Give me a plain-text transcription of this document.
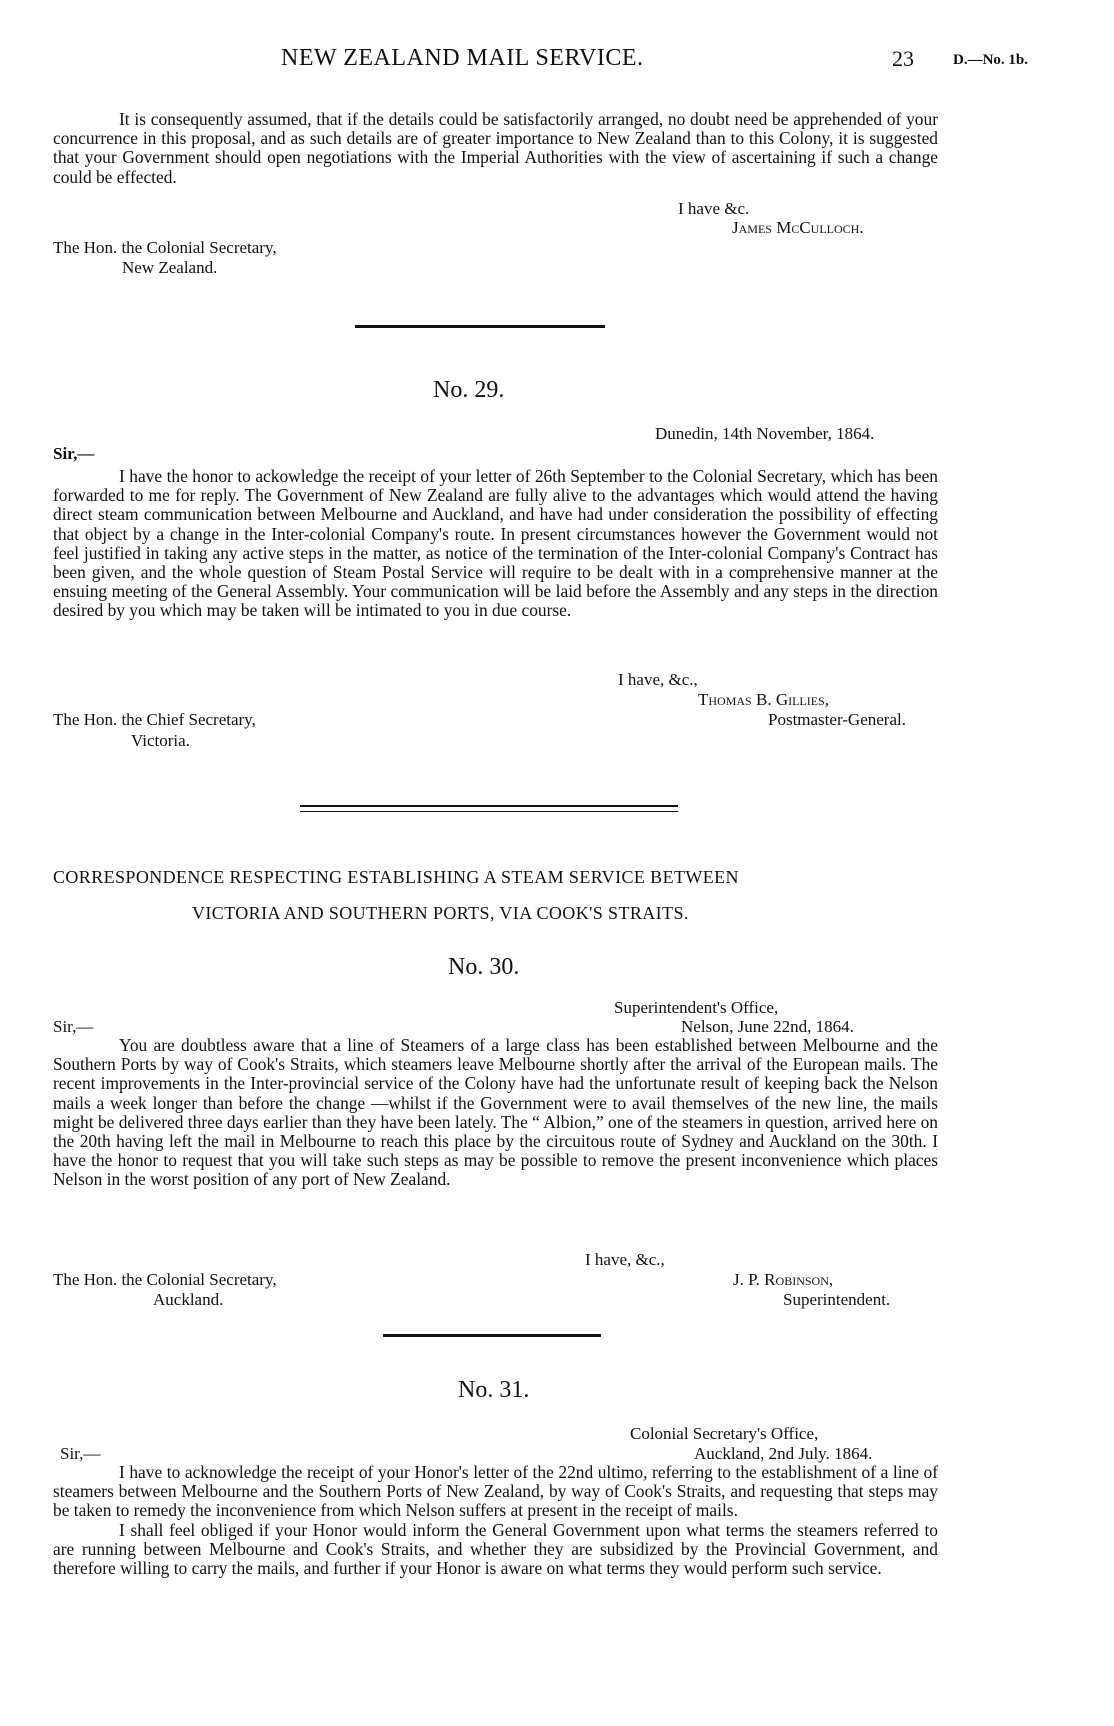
NEW ZEALAND MAIL SERVICE.	23	D.—No. 1b.

It is consequently assumed, that if the details could be satisfactorily arranged, no doubt need be apprehended of your concurrence in this proposal, and as such details are of greater importance to New Zealand than to this Colony, it is suggested that your Government should open negotiations with the Imperial Authorities with the view of ascertaining if such a change could be effected.

I have &c.
James McCulloch.
The Hon. the Colonial Secretary,
New Zealand.
No. 29.
Dunedin, 14th November, 1864.
Sir,—

I have the honor to ackowledge the receipt of your letter of 26th September to the Colonial Secretary, which has been forwarded to me for reply. The Government of New Zealand are fully alive to the advantages which would attend the having direct steam communication between Melbourne and Auckland, and have had under consideration the possibility of effecting that object by a change in the Inter-colonial Company's route. In present circumstances however the Government would not feel justified in taking any active steps in the matter, as notice of the termination of the Inter-colonial Company's Contract has been given, and the whole question of Steam Postal Service will require to be dealt with in a comprehensive manner at the ensuing meeting of the General Assembly. Your communication will be laid before the Assembly and any steps in the direction desired by you which may be taken will be intimated to you in due course.

I have, &c.,
Thomas B. Gillies,
The Hon. the Chief Secretary,	Postmaster-General.
Victoria.
CORRESPONDENCE RESPECTING ESTABLISHING A STEAM SERVICE BETWEEN
VICTORIA AND SOUTHERN PORTS, VIA COOK'S STRAITS.
No. 30.
Superintendent's Office,
Sir,—	Nelson, June 22nd, 1864.

You are doubtless aware that a line of Steamers of a large class has been established between Melbourne and the Southern Ports by way of Cook's Straits, which steamers leave Melbourne shortly after the arrival of the European mails. The recent improvements in the Inter-provincial service of the Colony have had the unfortunate result of keeping back the Nelson mails a week longer than before the change —whilst if the Government were to avail themselves of the new line, the mails might be delivered three days earlier than they have been lately. The “ Albion,” one of the steamers in question, arrived here on the 20th having left the mail in Melbourne to reach this place by the circuitous route of Sydney and Auckland on the 30th. I have the honor to request that you will take such steps as may be possible to remove the present inconvenience which places Nelson in the worst position of any port of New Zealand.

I have, &c.,
The Hon. the Colonial Secretary,	J. P. Robinson,
Auckland.	Superintendent.
No. 31.
Colonial Secretary's Office,
Sir,—	Auckland, 2nd July. 1864.

I have to acknowledge the receipt of your Honor's letter of the 22nd ultimo, referring to the establishment of a line of steamers between Melbourne and the Southern Ports of New Zealand, by way of Cook's Straits, and requesting that steps may be taken to remedy the inconvenience from which Nelson suffers at present in the receipt of mails.

I shall feel obliged if your Honor would inform the General Government upon what terms the steamers referred to are running between Melbourne and Cook's Straits, and whether they are subsidized by the Provincial Government, and therefore willing to carry the mails, and further if your Honor is aware on what terms they would perform such service.
